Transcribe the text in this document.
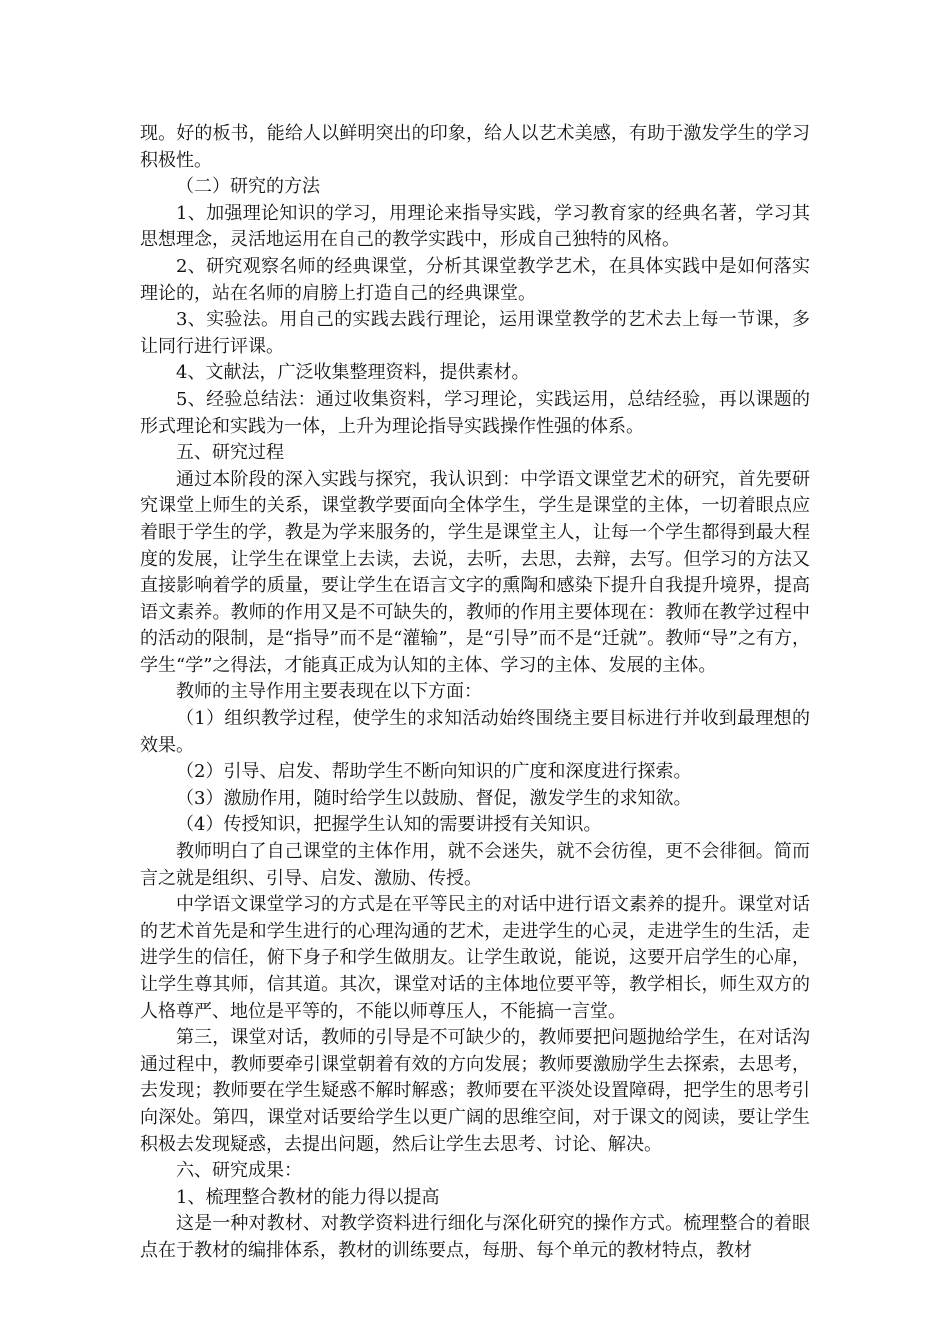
现。好的板书，能给人以鲜明突出的印象，给人以艺术美感，有助于激发学生的学习积极性。

（二）研究的方法

1、加强理论知识的学习，用理论来指导实践，学习教育家的经典名著，学习其思想理念，灵活地运用在自己的教学实践中，形成自己独特的风格。

2、研究观察名师的经典课堂，分析其课堂教学艺术，在具体实践中是如何落实理论的，站在名师的肩膀上打造自己的经典课堂。

3、实验法。用自己的实践去践行理论，运用课堂教学的艺术去上每一节课，多让同行进行评课。

4、文献法，广泛收集整理资料，提供素材。

5、经验总结法：通过收集资料，学习理论，实践运用，总结经验，再以课题的形式理论和实践为一体，上升为理论指导实践操作性强的体系。

五、研究过程

通过本阶段的深入实践与探究，我认识到：中学语文课堂艺术的研究，首先要研究课堂上师生的关系，课堂教学要面向全体学生，学生是课堂的主体，一切着眼点应着眼于学生的学，教是为学来服务的，学生是课堂主人，让每一个学生都得到最大程度的发展，让学生在课堂上去读，去说，去听，去思，去辩，去写。但学习的方法又直接影响着学的质量，要让学生在语言文字的熏陶和感染下提升自我提升境界，提高语文素养。教师的作用又是不可缺失的，教师的作用主要体现在：教师在教学过程中的活动的限制，是“指导”而不是“灌输”，是“引导”而不是“迁就”。教师“导”之有方，学生“学”之得法，才能真正成为认知的主体、学习的主体、发展的主体。

教师的主导作用主要表现在以下方面：

（1）组织教学过程，使学生的求知活动始终围绕主要目标进行并收到最理想的效果。

（2）引导、启发、帮助学生不断向知识的广度和深度进行探索。

（3）激励作用，随时给学生以鼓励、督促，激发学生的求知欲。

（4）传授知识，把握学生认知的需要讲授有关知识。

教师明白了自己课堂的主体作用，就不会迷失，就不会彷徨，更不会徘徊。简而言之就是组织、引导、启发、激励、传授。

中学语文课堂学习的方式是在平等民主的对话中进行语文素养的提升。课堂对话的艺术首先是和学生进行的心理沟通的艺术，走进学生的心灵，走进学生的生活，走进学生的信任，俯下身子和学生做朋友。让学生敢说，能说，这要开启学生的心扉，让学生尊其师，信其道。其次，课堂对话的主体地位要平等，教学相长，师生双方的人格尊严、地位是平等的，不能以师尊压人，不能搞一言堂。

第三，课堂对话，教师的引导是不可缺少的，教师要把问题抛给学生，在对话沟通过程中，教师要牵引课堂朝着有效的方向发展；教师要激励学生去探索，去思考，去发现；教师要在学生疑惑不解时解惑；教师要在平淡处设置障碍，把学生的思考引向深处。第四，课堂对话要给学生以更广阔的思维空间，对于课文的阅读，要让学生积极去发现疑惑，去提出问题，然后让学生去思考、讨论、解决。

六、研究成果：

1、梳理整合教材的能力得以提高

这是一种对教材、对教学资料进行细化与深化研究的操作方式。梳理整合的着眼点在于教材的编排体系，教材的训练要点，每册、每个单元的教材特点，教材
